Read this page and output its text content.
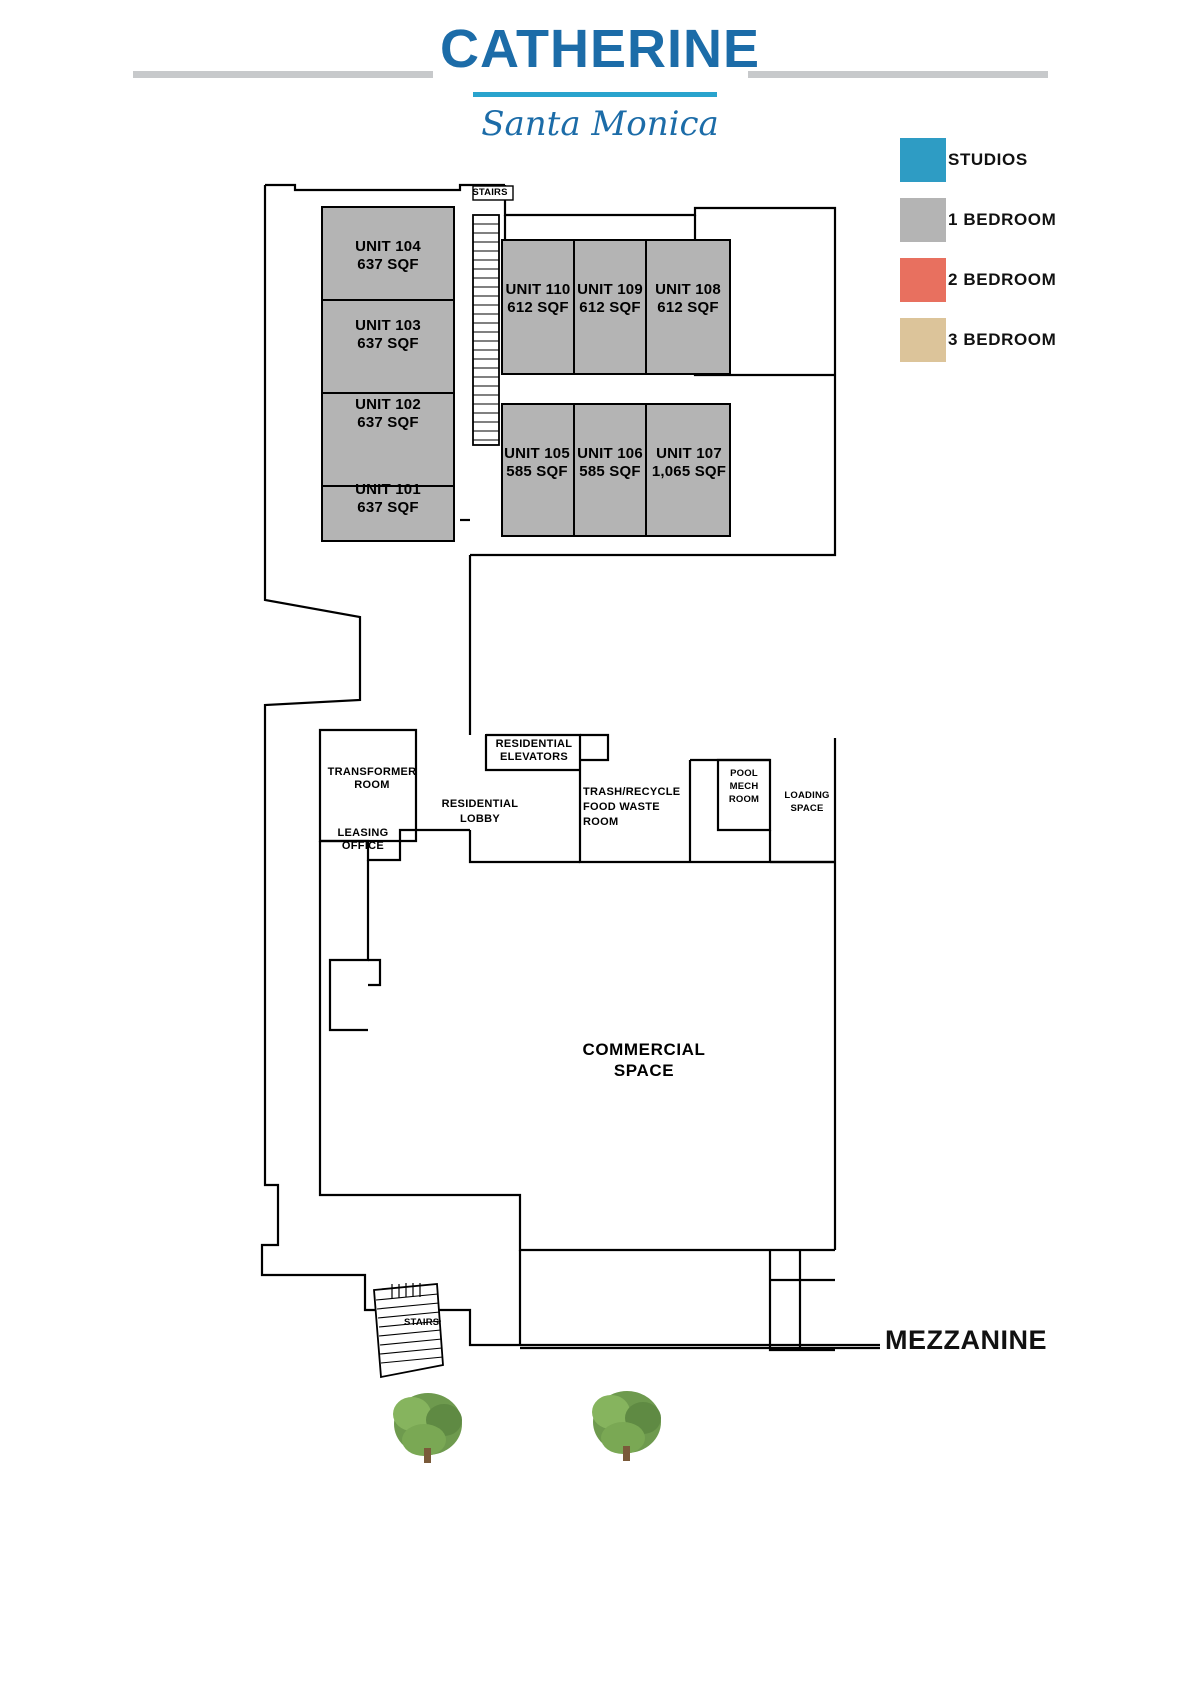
CATHERINE
Santa Monica
STUDIOS
1 BEDROOM
2 BEDROOM
3 BEDROOM
STAIRS
STAIRS
UNIT 104
637 SQF
UNIT 103
637 SQF
UNIT 102
637 SQF
UNIT 101
637 SQF
UNIT 110
612 SQF
UNIT 109
612 SQF
UNIT 108
612 SQF
UNIT 105
585 SQF
UNIT 106
585 SQF
UNIT 107
1,065 SQF
RESIDENTIAL
ELEVATORS
TRANSFORMER
ROOM
LEASING
OFFICE
RESIDENTIAL
LOBBY
TRASH/RECYCLE
FOOD WASTE
ROOM
POOL
MECH
ROOM	LOADING
SPACE
COMMERCIAL
SPACE
MEZZANINE
